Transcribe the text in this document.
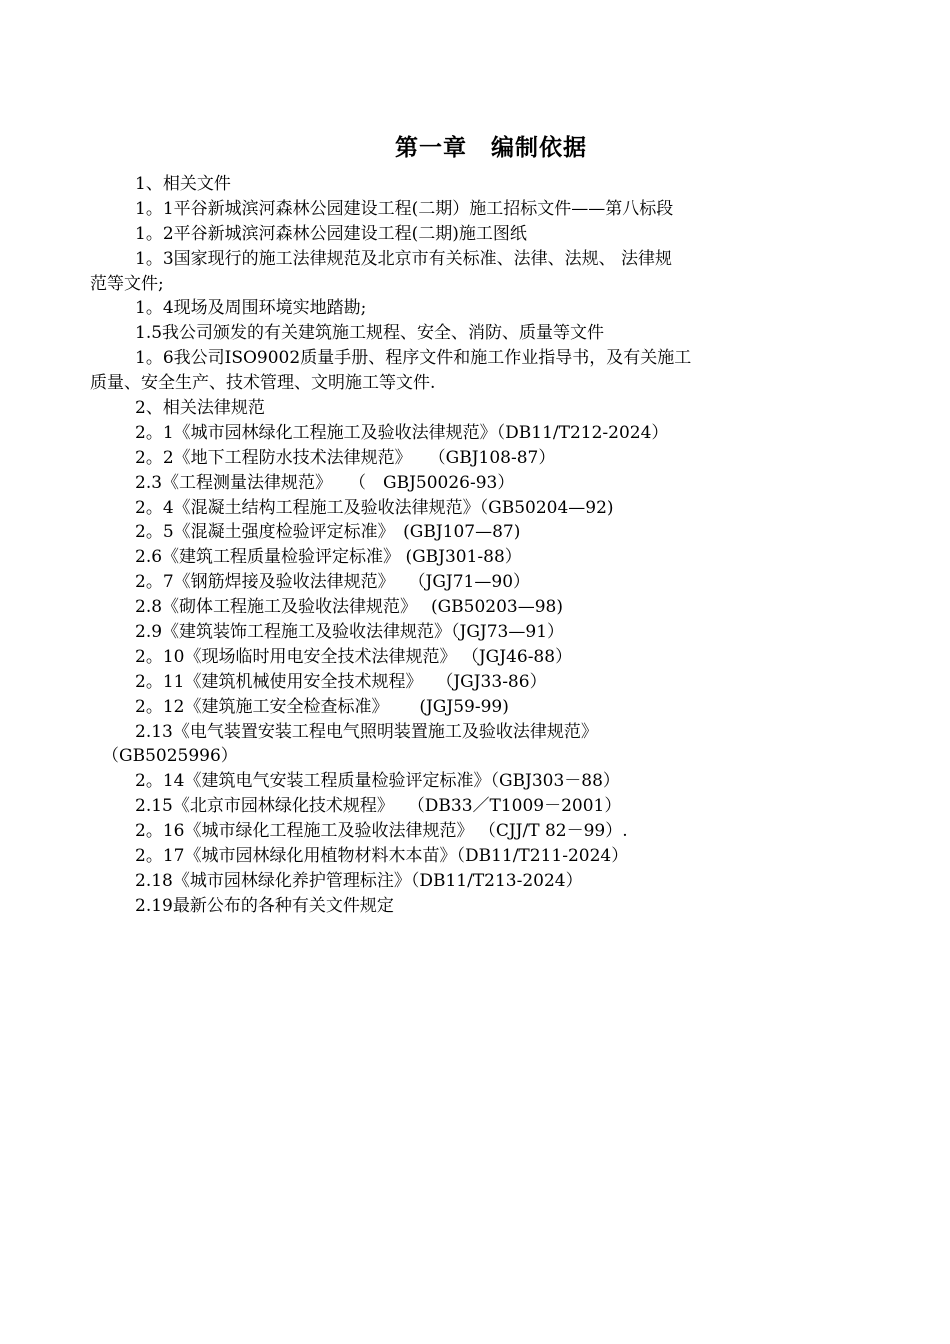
第一章　编制依据
1、相关文件
1。1平谷新城滨河森林公园建设工程(二期）施工招标文件——第八标段
1。2平谷新城滨河森林公园建设工程(二期)施工图纸
1。3国家现行的施工法律规范及北京市有关标准、法律、法规、 法律规
范等文件;
1。4现场及周围环境实地踏勘;
1.5我公司颁发的有关建筑施工规程、安全、消防、质量等文件
1。6我公司ISO9002质量手册、程序文件和施工作业指导书，及有关施工
质量、安全生产、技术管理、文明施工等文件.
2、相关法律规范
2。1《城市园林绿化工程施工及验收法律规范》（DB11/T212-2024）
2。2《地下工程防水技术法律规范》　　（GBJ108-87）
2.3《工程测量法律规范》　　（　GBJ50026-93）
2。4《混凝土结构工程施工及验收法律规范》（GB50204—92)
2。5《混凝土强度检验评定标准》　(GBJ107—87)
2.6《建筑工程质量检验评定标准》 (GBJ301-88）
2。7《钢筋焊接及验收法律规范》　 （JGJ71—90）
2.8《砌体工程施工及验收法律规范》　 (GB50203—98)
2.9《建筑装饰工程施工及验收法律规范》（JGJ73—91）
2。10《现场临时用电安全技术法律规范》 （JGJ46-88）
2。11《建筑机械使用安全技术规程》　 （JGJ33-86）
2。12《建筑施工安全检查标准》　　 (JGJ59-99)
2.13《电气装置安装工程电气照明装置施工及验收法律规范》
（GB5025996）
2。14《建筑电气安装工程质量检验评定标准》（GBJ303－88）
2.15《北京市园林绿化技术规程》　 （DB33／T1009－2001）
2。16《城市绿化工程施工及验收法律规范》 （CJJ/T 82－99）.
2。17《城市园林绿化用植物材料木本苗》（DB11/T211-2024）
2.18《城市园林绿化养护管理标注》（DB11/T213-2024）
2.19最新公布的各种有关文件规定
